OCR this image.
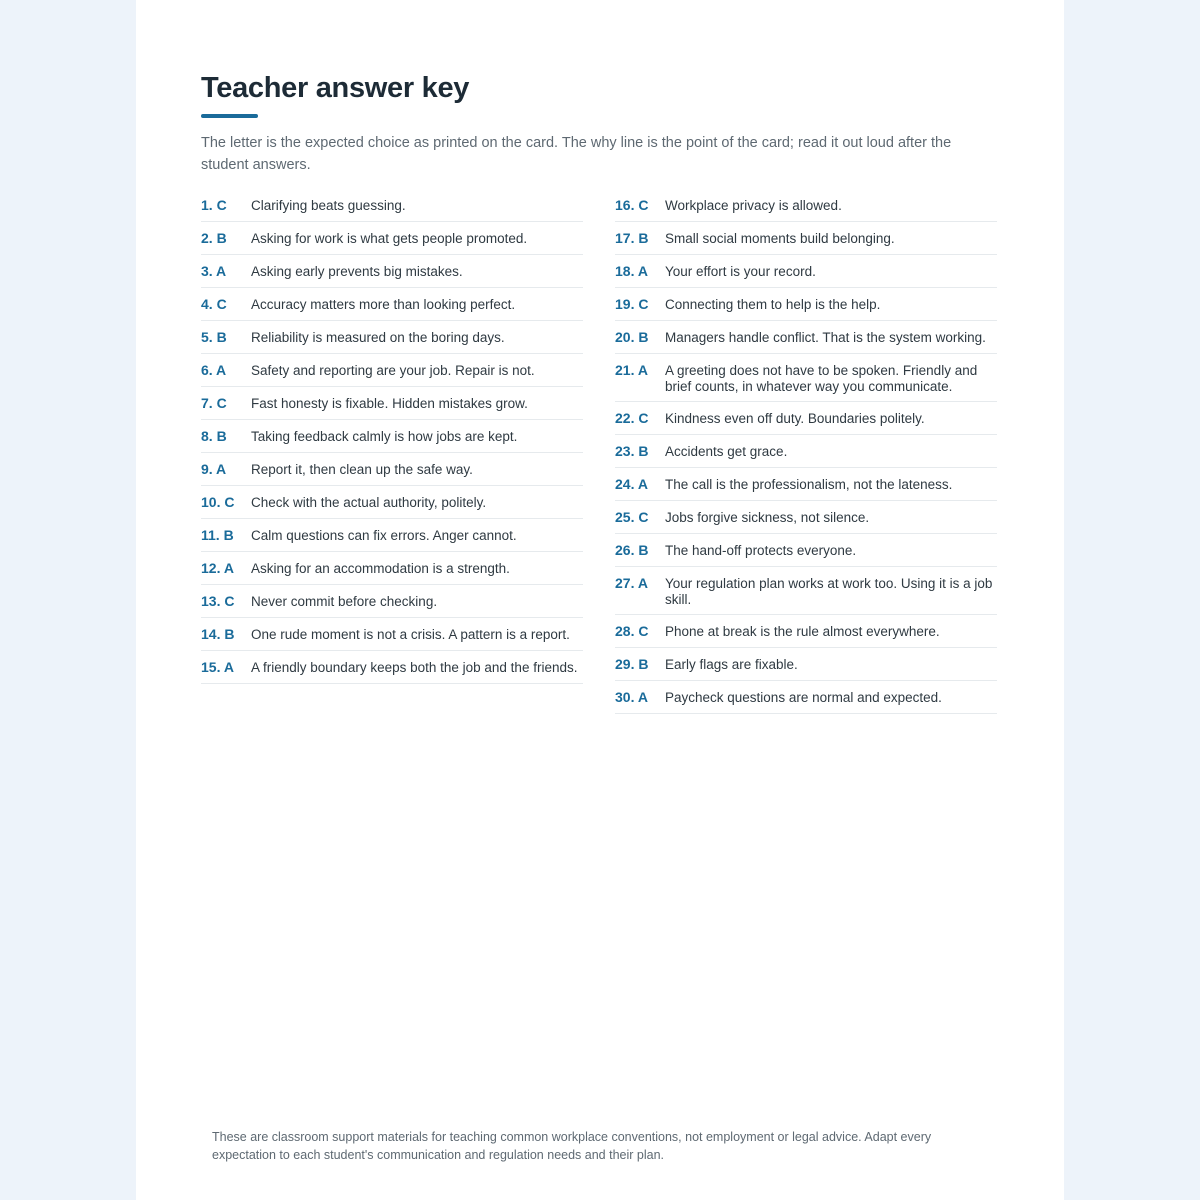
Teacher answer key
The letter is the expected choice as printed on the card. The why line is the point of the card; read it out loud after the student answers.
1. C	Clarifying beats guessing.
2. B	Asking for work is what gets people promoted.
3. A	Asking early prevents big mistakes.
4. C	Accuracy matters more than looking perfect.
5. B	Reliability is measured on the boring days.
6. A	Safety and reporting are your job. Repair is not.
7. C	Fast honesty is fixable. Hidden mistakes grow.
8. B	Taking feedback calmly is how jobs are kept.
9. A	Report it, then clean up the safe way.
10. C	Check with the actual authority, politely.
11. B	Calm questions can fix errors. Anger cannot.
12. A	Asking for an accommodation is a strength.
13. C	Never commit before checking.
14. B	One rude moment is not a crisis. A pattern is a report.
15. A	A friendly boundary keeps both the job and the friends.
16. C	Workplace privacy is allowed.
17. B	Small social moments build belonging.
18. A	Your effort is your record.
19. C	Connecting them to help is the help.
20. B	Managers handle conflict. That is the system working.
21. A	A greeting does not have to be spoken. Friendly and brief counts, in whatever way you communicate.
22. C	Kindness even off duty. Boundaries politely.
23. B	Accidents get grace.
24. A	The call is the professionalism, not the lateness.
25. C	Jobs forgive sickness, not silence.
26. B	The hand-off protects everyone.
27. A	Your regulation plan works at work too. Using it is a job skill.
28. C	Phone at break is the rule almost everywhere.
29. B	Early flags are fixable.
30. A	Paycheck questions are normal and expected.
These are classroom support materials for teaching common workplace conventions, not employment or legal advice. Adapt every expectation to each student's communication and regulation needs and their plan.
